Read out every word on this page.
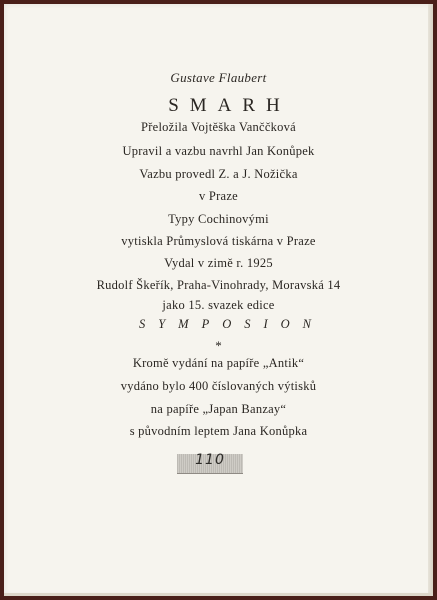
Gustave Flaubert
SMARH
Přeložila Vojtěška Vanččková
Upravil a vazbu navrhl Jan Konůpek
Vazbu provedl Z. a J. Nožička
v Praze
Typy Cochinovými
vytiskla Průmyslová tiskárna v Praze
Vydal v zimě r. 1925
Rudolf Škeřík, Praha-Vinohrady, Moravská 14
jako 15. svazek edice
SYMPOSION
*
Kromě vydání na papíře „Antik“
vydáno bylo 400 číslovaných výtisků
na papíře „Japan Banzay“
s původním leptem Jana Konůpka
110
